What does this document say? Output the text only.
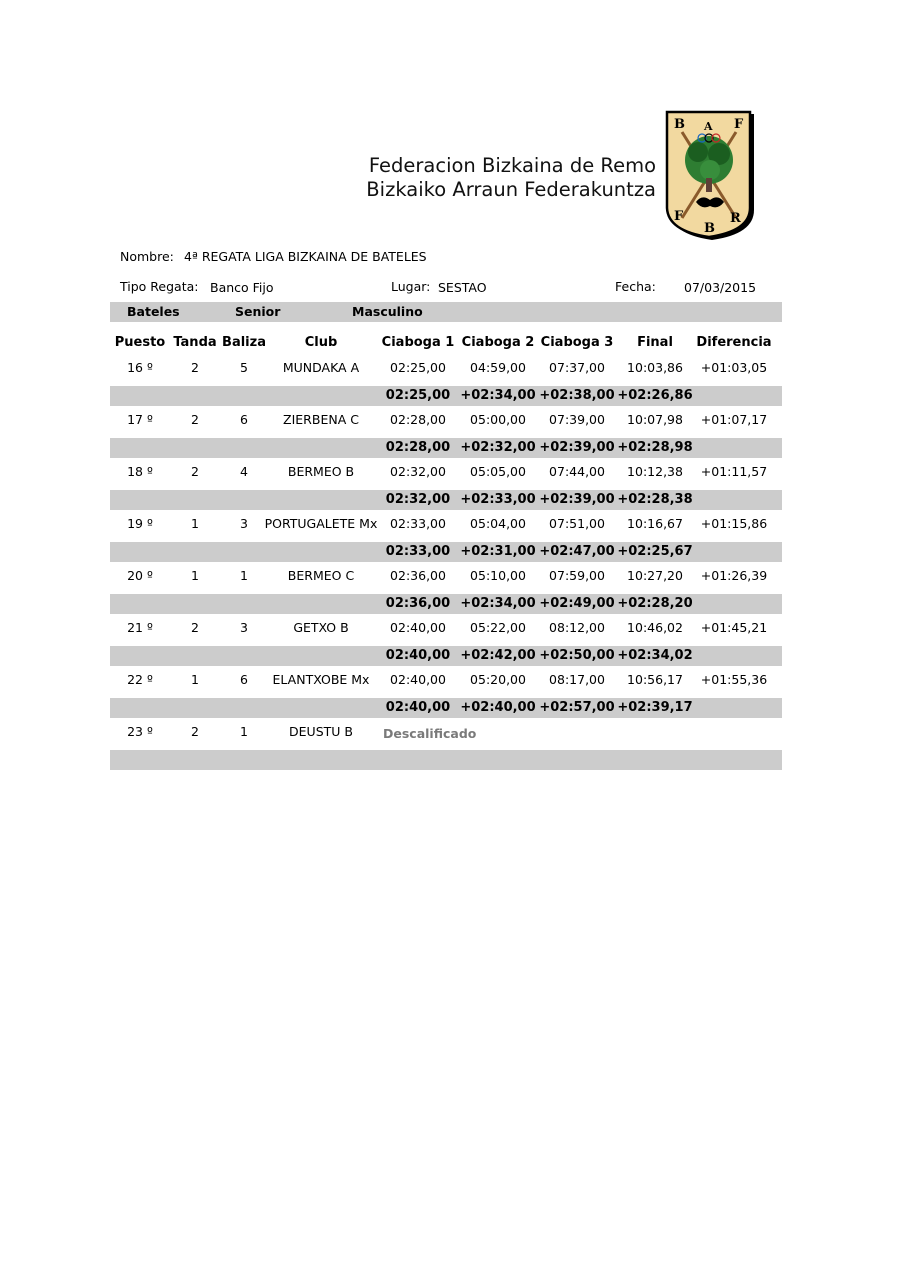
Federacion Bizkaina de Remo
Bizkaiko Arraun Federakuntza
B A F
F
B
R
Nombre: 4ª REGATA LIGA BIZKAINA DE BATELES
Tipo Regata: Banco Fijo	Lugar: SESTAO	Fecha: 07/03/2015
Bateles	Senior	Masculino
Puesto Tanda Baliza	Club	Ciaboga 1 Ciaboga 2 Ciaboga 3	Final	Diferencia
16 º	2	5	MUNDAKA A	02:25,00	04:59,00	07:37,00	10:03,86	+01:03,05
02:25,00 +02:34,00 +02:38,00 +02:26,86
17 º	2	6	ZIERBENA C	02:28,00	05:00,00	07:39,00	10:07,98	+01:07,17
02:28,00 +02:32,00 +02:39,00 +02:28,98
18 º	2	4	BERMEO B	02:32,00	05:05,00	07:44,00	10:12,38	+01:11,57
02:32,00 +02:33,00 +02:39,00 +02:28,38
19 º	1	3	PORTUGALETE Mx	02:33,00	05:04,00	07:51,00	10:16,67	+01:15,86
02:33,00 +02:31,00 +02:47,00 +02:25,67
20 º	1	1	BERMEO C	02:36,00	05:10,00	07:59,00	10:27,20	+01:26,39
02:36,00 +02:34,00 +02:49,00 +02:28,20
21 º	2	3	GETXO B	02:40,00	05:22,00	08:12,00	10:46,02	+01:45,21
02:40,00 +02:42,00 +02:50,00 +02:34,02
22 º	1	6	ELANTXOBE Mx	02:40,00	05:20,00	08:17,00	10:56,17	+01:55,36
02:40,00 +02:40,00 +02:57,00 +02:39,17
23 º	2	1	DEUSTU B	Descalificado
